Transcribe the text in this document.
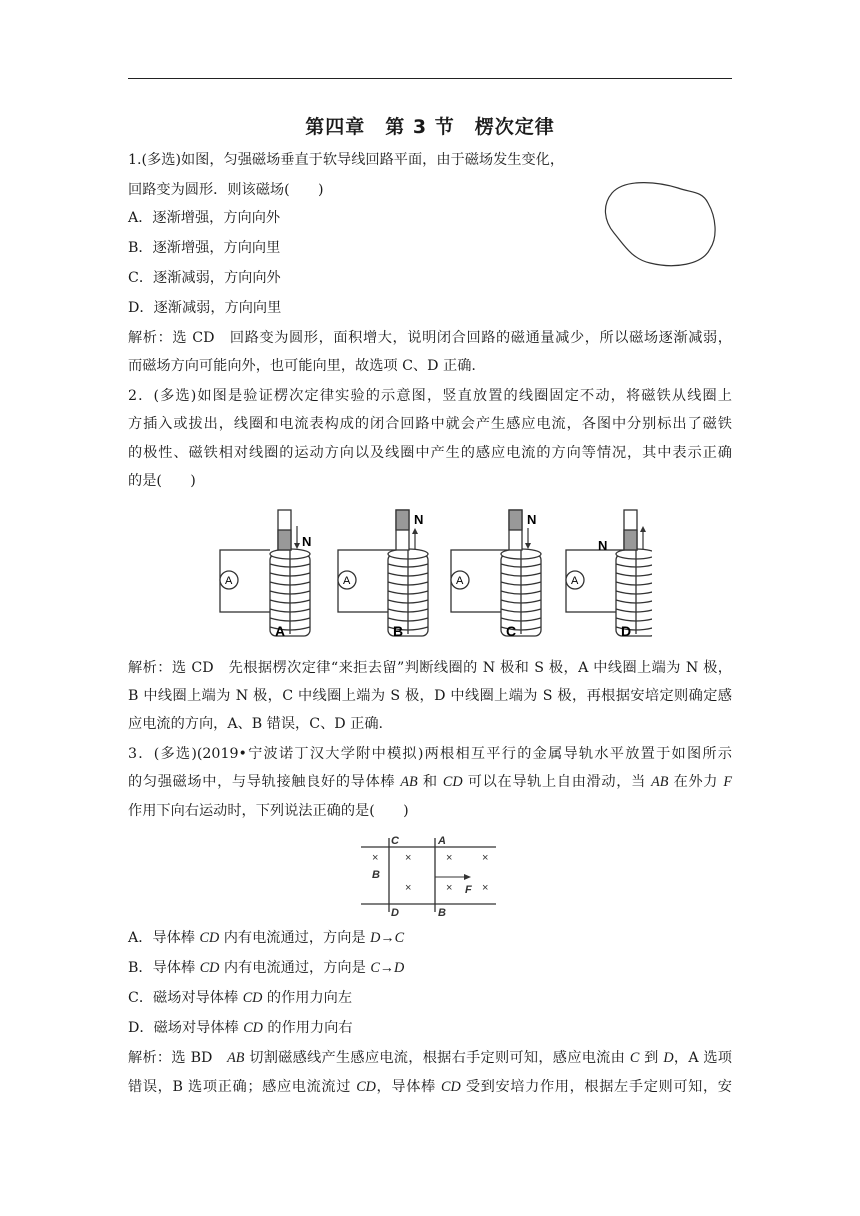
第四章　第 3 节　楞次定律
1.(多选)如图，匀强磁场垂直于软导线回路平面，由于磁场发生变化，
回路变为圆形．则该磁场(　　)
A．逐渐增强，方向向外
B．逐渐增强，方向向里
C．逐渐减弱，方向向外
D．逐渐减弱，方向向里
解析：选 CD　回路变为圆形，面积增大，说明闭合回路的磁通量减少，所以磁场逐渐减弱，
而磁场方向可能向外，也可能向里，故选项 C、D 正确.
2．(多选)如图是验证楞次定律实验的示意图，竖直放置的线圈固定不动，将磁铁从线圈上
方插入或拔出，线圈和电流表构成的闭合回路中就会产生感应电流，各图中分别标出了磁铁
的极性、磁铁相对线圈的运动方向以及线圈中产生的感应电流的方向等情况，其中表示正确
的是(　　)
A
N
A
A
N
B
A
N
C
A
N
D
解析：选 CD　先根据楞次定律“来拒去留”判断线圈的 N 极和 S 极，A 中线圈上端为 N 极，
B 中线圈上端为 N 极，C 中线圈上端为 S 极，D 中线圈上端为 S 极，再根据安培定则确定感
应电流的方向，A、B 错误，C、D 正确.
3．(多选)(2019•宁波诺丁汉大学附中模拟)两根相互平行的金属导轨水平放置于如图所示
的匀强磁场中，与导轨接触良好的导体棒 AB 和 CD 可以在导轨上自由滑动，当 AB 在外力 F
作用下向右运动时，下列说法正确的是(　　)
× ×	×	×
×	×	×
C	A
B
D	B
F
A．导体棒 CD 内有电流通过，方向是 D→C
B．导体棒 CD 内有电流通过，方向是 C→D
C．磁场对导体棒 CD 的作用力向左
D．磁场对导体棒 CD 的作用力向右
解析：选 BD　AB 切割磁感线产生感应电流，根据右手定则可知，感应电流由 C 到 D，A 选项
错误，B 选项正确；感应电流流过 CD，导体棒 CD 受到安培力作用，根据左手定则可知，安
